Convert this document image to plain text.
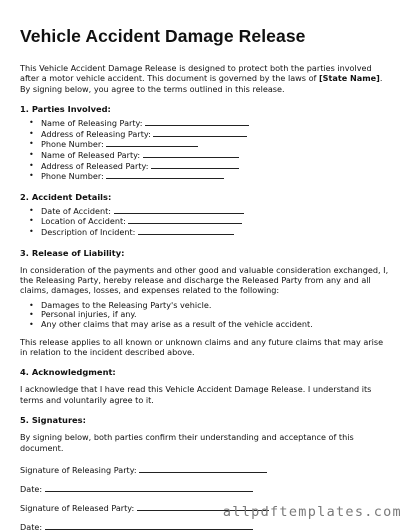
Vehicle Accident Damage Release

This Vehicle Accident Damage Release is designed to protect both the parties involved after a motor vehicle accident. This document is governed by the laws of [State Name]. By signing below, you agree to the terms outlined in this release.

1. Parties Involved:
• Name of Releasing Party:
• Address of Releasing Party:
• Phone Number:
• Name of Released Party:
• Address of Released Party:
• Phone Number:
2. Accident Details:
• Date of Accident:
• Location of Accident:
• Description of Incident:
3. Release of Liability:

In consideration of the payments and other good and valuable consideration exchanged, I, the Releasing Party, hereby release and discharge the Released Party from any and all claims, damages, losses, and expenses related to the following:

• Damages to the Releasing Party's vehicle.
• Personal injuries, if any.
• Any other claims that may arise as a result of the vehicle accident.

This release applies to all known or unknown claims and any future claims that may arise in relation to the incident described above.

4. Acknowledgment:

I acknowledge that I have read this Vehicle Accident Damage Release. I understand its terms and voluntarily agree to it.

5. Signatures:

By signing below, both parties confirm their understanding and acceptance of this document.

Signature of Releasing Party:
Date:
Signature of Released Party:
Date:
allpdftemplates.com
